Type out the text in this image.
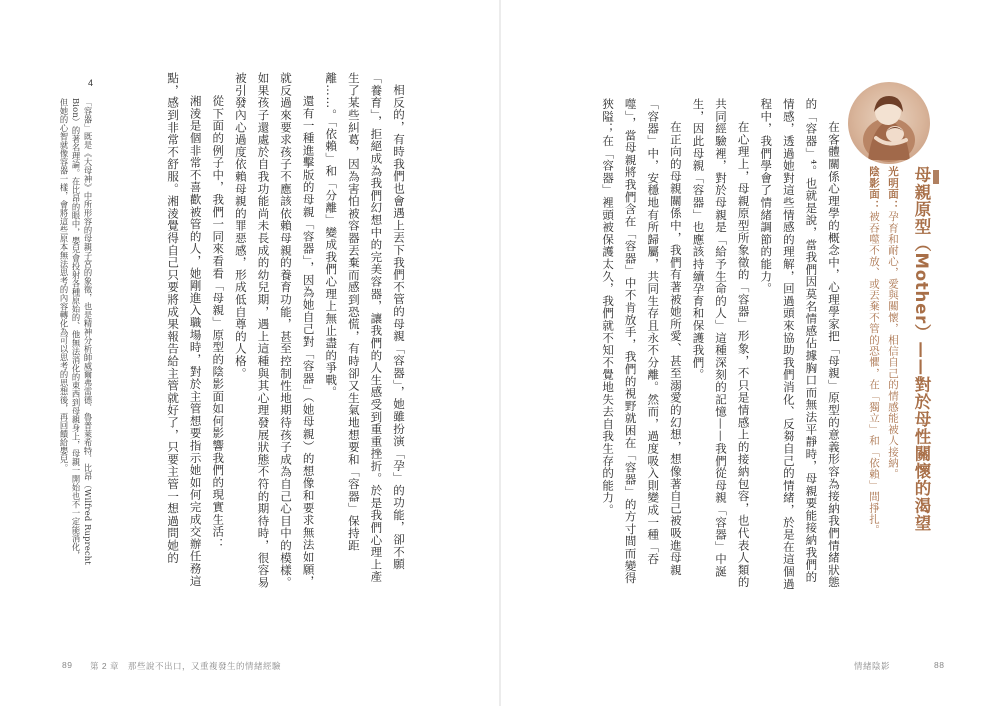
相反的，有時我們也會遇上丟下我們不管的母親「容器」，她雖扮演「孕」的功能，卻不願「養育」，拒絕成為我們幻想中的完美容器，讓我們的人生感受到重重挫折。於是我們心理上產生了某些糾葛，因為害怕被容器丟棄而感到恐慌，有時卻又生氣地想要和「容器」保持距離……。「依賴」和「分離」變成我們心理上無止盡的爭戰。

還有一種進擊版的母親「容器」，因為她自己對「容器」（她母親）的想像和要求無法如願，就反過來要求孩子不應該依賴母親的養育功能，甚至控制性地期待孩子成為自己心目中的模樣。如果孩子還處於自我功能尚未長成的幼兒期，遇上這種與其心理發展狀態不符的期待時，很容易被引發內心過度依賴母親的罪惡感，形成低自尊的人格。

從下面的例子中，我們一同來看看「母親」原型的陰影面如何影響我們的現實生活：

湘淩是個非常不喜歡被管的人，她剛進入職場時，對於主管想要指示她如何完成交辦任務這點，感到非常不舒服。湘淩覺得自己只要將成果報告給主管就好了，只要主管一想過問她的

4

「容器」既是《大母神》中所形容的母親子宮的象徵，也是精神分析師威爾弗雷德．魯普萊希特．比昂（Wilfred Ruprecht Bion）的著名理論。在比昂的眼中，嬰兒會投射各種原始的、他無法消化的東西到母親身上，母親一開始也不一定能消化，但她的心智就像容器一樣，會將這些原本無法思考的內容轉化為可以思考的思想後，再回饋給嬰兒。

89 第 2 章　那些說不出口，又重複發生的情緒經驗
母親原型（Mother）——對於母性關懷的渴望
光明面：孕育和耐心，愛與關懷，相信自己的情感能被人接納。
陰影面：被吞噬不放、或丟棄不管的恐懼，在「獨立」和「依賴」間掙扎。

在客體關係心理學的概念中，心理學家把「母親」原型的意義形容為接納我們情緒狀態的「容器」⁴。也就是說，當我們因莫名情感佔據胸口而無法平靜時，母親要能接納我們的情感，透過她對這些情感的理解，回過頭來協助我們消化、反芻自己的情緒，於是在這個過程中，我們學會了情緒調節的能力。

在心理上，母親原型所象徵的「容器」形象，不只是情感上的接納包容，也代表人類的共同經驗裡，對於母親是「給予生命的人」這種深刻的記憶——我們從母親「容器」中誕生，因此母親「容器」也應該持續孕育和保護我們。

在正向的母親關係中，我們有著被她所愛、甚至溺愛的幻想，想像著自己被吸進母親「容器」中，安穩地有所歸屬，共同生存且永不分離。然而，過度吸入則變成一種「吞噬」，當母親將我們含在「容器」中不肯放手，我們的視野就困在「容器」的方寸間而變得狹隘；在「容器」裡頭被保護太久，我們就不知不覺地失去自我生存的能力。

情緒陰影	88
